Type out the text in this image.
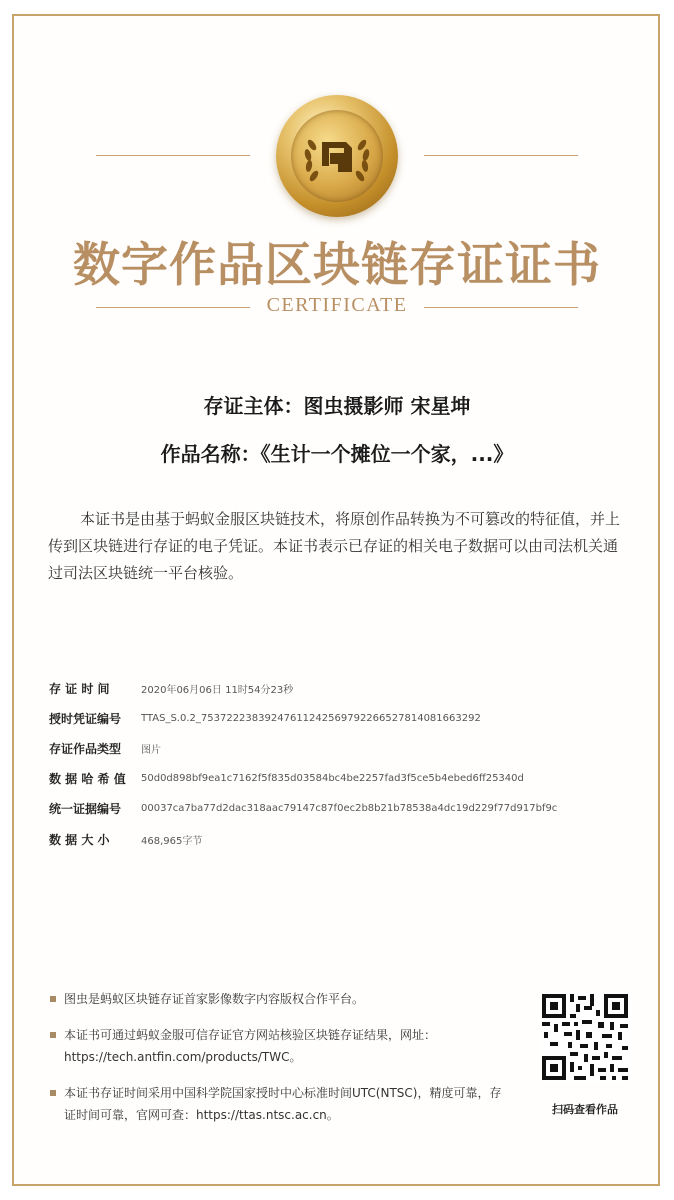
数字作品区块链存证证书
CERTIFICATE
存证主体：图虫摄影师 宋星坤
作品名称：《生计一个摊位一个家，...》
本证书是由基于蚂蚁金服区块链技术，将原创作品转换为不可篡改的特征值，并上传到区块链进行存证的电子凭证。本证书表示已存证的相关电子数据可以由司法机关通过司法区块链统一平台核验。
存 证 时 间	2020年06月06日 11时54分23秒
授时凭证编号	TTAS_S.0.2_753722238392476112425697922665278140816632​92
存证作品类型	图片
数 据 哈 希 值	50d0d898bf9ea1c7162f5f835d03584bc4be2257fad3f5ce5b4ebed6ff25340d
统一证据编号	00037ca7ba77d2dac318aac79147c87f0ec2b8b21b78538a4dc19d229f77d917bf9c
数 据 大 小	468,965字节
图虫是蚂蚁区块链存证首家影像数字内容版权合作平台。
本证书可通过蚂蚁金服可信存证官方网站核验区块链存证结果，网址：https://tech.antfin.com/products/TWC。
本证书存证时间采用中国科学院国家授时中心标准时间UTC(NTSC)，精度可靠，存证时间可靠，官网可查：https://ttas.ntsc.ac.cn。	扫码查看作品
